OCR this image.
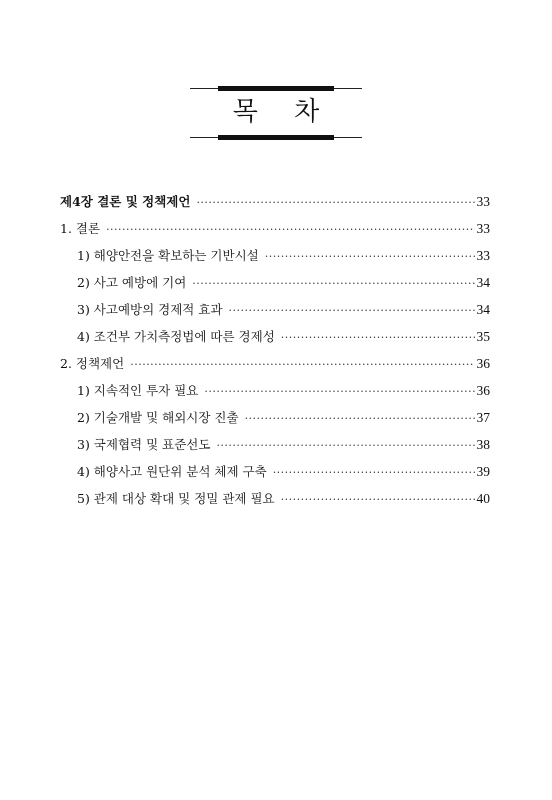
목 차
제4장 결론 및 정책제언 ·····	33
1. 결론 ·····	33
1) 해양안전을 확보하는 기반시설 ·····	33
2) 사고 예방에 기여 ·····	34
3) 사고예방의 경제적 효과 ·····	34
4) 조건부 가치측정법에 따른 경제성 ·····	35
2. 정책제언 ·····	36
1) 지속적인 투자 필요 ·····	36
2) 기술개발 및 해외시장 진출 ·····	37
3) 국제협력 및 표준선도 ·····	38
4) 해양사고 원단위 분석 체제 구축 ·····	39
5) 관제 대상 확대 및 정밀 관제 필요 ·····	40
